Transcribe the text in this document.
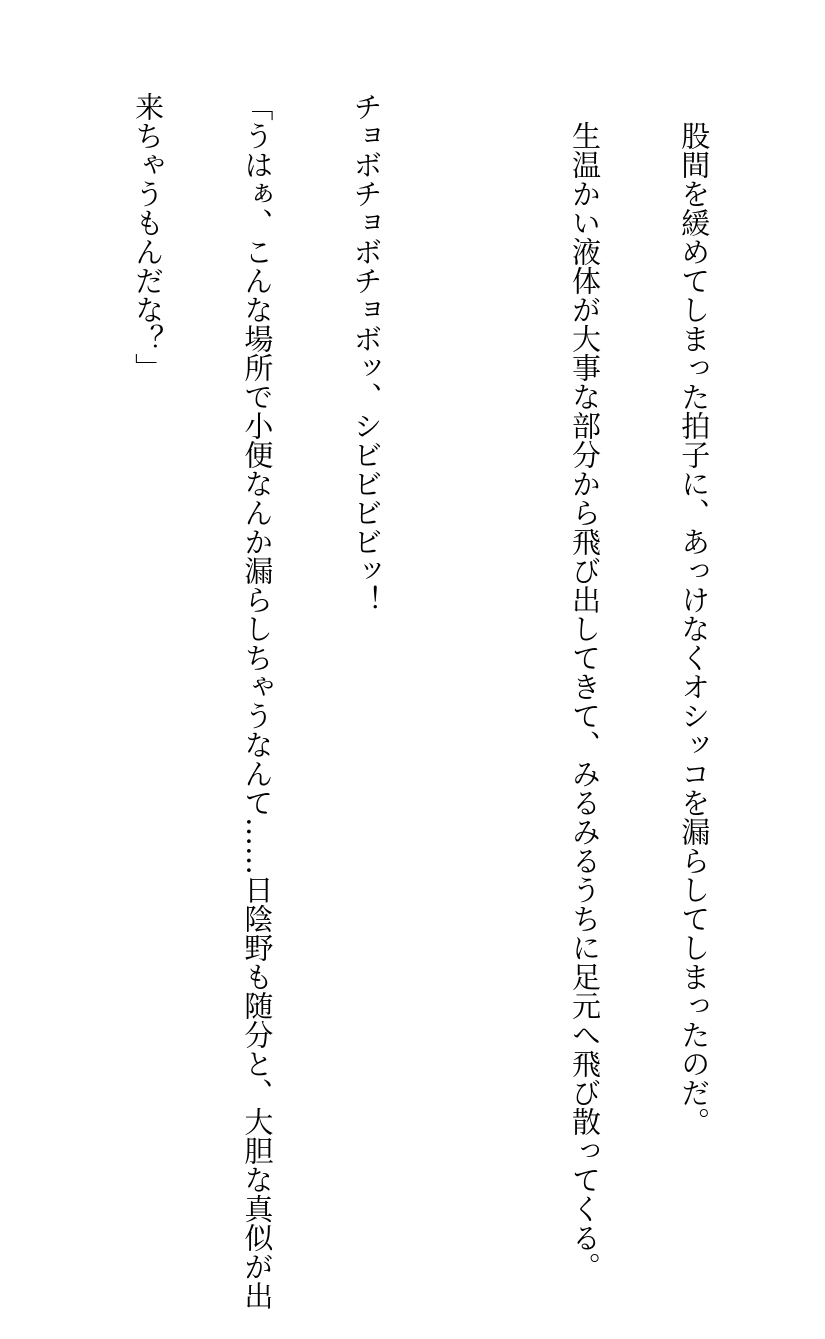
　股間を緩めてしまった拍子に、あっけなくオシッコを漏らしてしまったのだ。

　生温かい液体が大事な部分から飛び出してきて、みるみるうちに足元へ飛び散ってくる。

チョボチョボチョボッ、シビビビビッ！

「うはぁ、こんな場所で小便なんか漏らしちゃうなんて……日陰野も随分と、大胆な真似が出

来ちゃうもんだな？」
